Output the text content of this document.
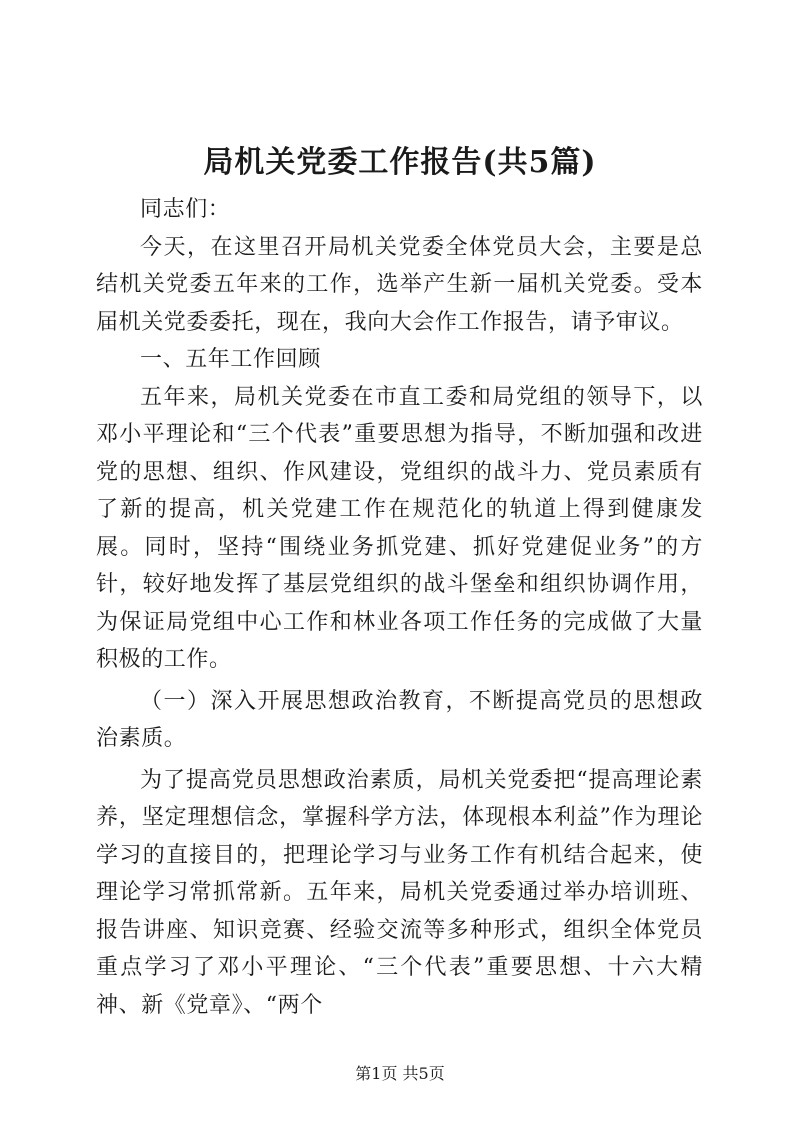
局机关党委工作报告(共5篇)

同志们：

今天，在这里召开局机关党委全体党员大会，主要是总结机关党委五年来的工作，选举产生新一届机关党委。受本届机关党委委托，现在，我向大会作工作报告，请予审议。

一、五年工作回顾

五年来，局机关党委在市直工委和局党组的领导下，以邓小平理论和“三个代表”重要思想为指导，不断加强和改进党的思想、组织、作风建设，党组织的战斗力、党员素质有了新的提高，机关党建工作在规范化的轨道上得到健康发展。同时，坚持“围绕业务抓党建、抓好党建促业务”的方针，较好地发挥了基层党组织的战斗堡垒和组织协调作用，为保证局党组中心工作和林业各项工作任务的完成做了大量积极的工作。

（一）深入开展思想政治教育，不断提高党员的思想政治素质。

为了提高党员思想政治素质，局机关党委把“提高理论素养，坚定理想信念，掌握科学方法，体现根本利益”作为理论学习的直接目的，把理论学习与业务工作有机结合起来，使理论学习常抓常新。五年来，局机关党委通过举办培训班、报告讲座、知识竞赛、经验交流等多种形式，组织全体党员重点学习了邓小平理论、“三个代表”重要思想、十六大精神、新《党章》、“两个

第1页 共5页
